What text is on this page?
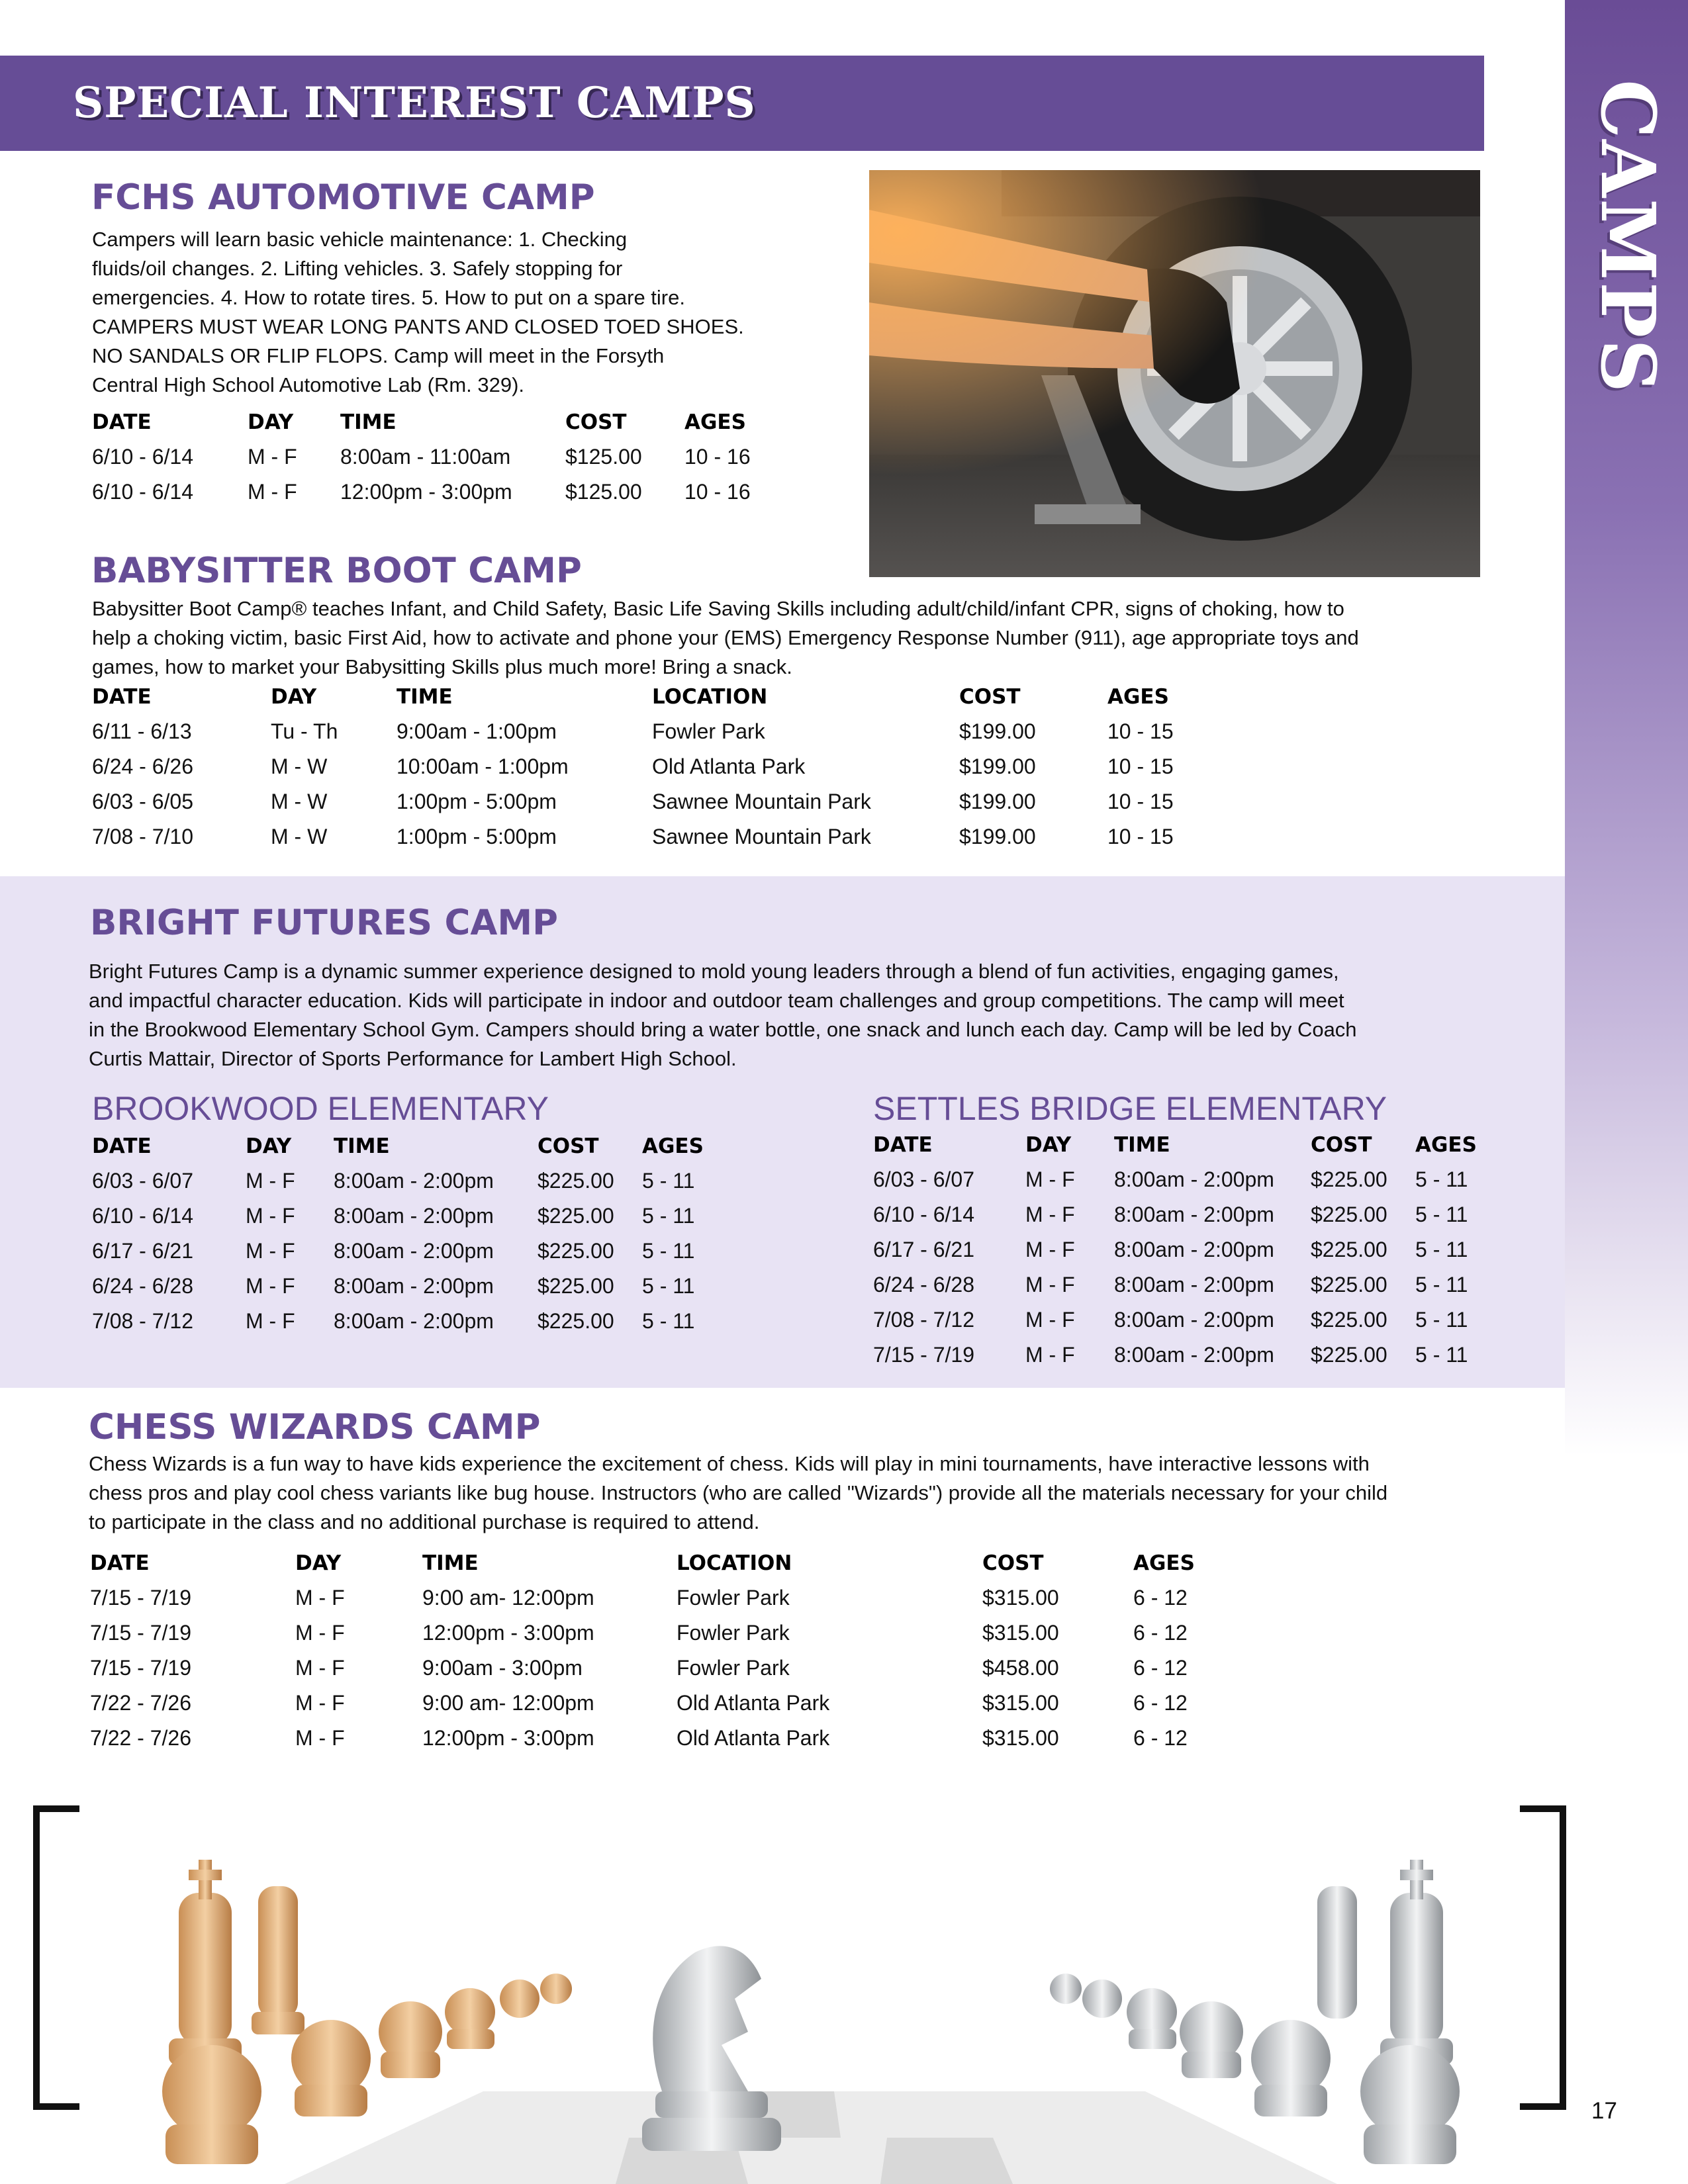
CAMPS
SPECIAL INTEREST CAMPS
FCHS AUTOMOTIVE CAMP
Campers will learn basic vehicle maintenance: 1. Checking
fluids/oil changes. 2. Lifting vehicles. 3. Safely stopping for
emergencies. 4. How to rotate tires. 5. How to put on a spare tire.
CAMPERS MUST WEAR LONG PANTS AND CLOSED TOED SHOES.
NO SANDALS OR FLIP FLOPS. Camp will meet in the Forsyth
Central High School Automotive Lab (Rm. 329).
DATE	DAY	TIME	COST	AGES
6/10 - 6/14	M - F	8:00am - 11:00am	$125.00	10 - 16
6/10 - 6/14	M - F	12:00pm - 3:00pm	$125.00	10 - 16
BABYSITTER BOOT CAMP
Babysitter Boot Camp® teaches Infant, and Child Safety, Basic Life Saving Skills including adult/child/infant CPR, signs of choking, how to
help a choking victim, basic First Aid, how to activate and phone your (EMS) Emergency Response Number (911), age appropriate toys and
games, how to market your Babysitting Skills plus much more! Bring a snack.
DATE	DAY	TIME	LOCATION	COST	AGES
6/11 - 6/13	Tu - Th	9:00am - 1:00pm	Fowler Park	$199.00	10 - 15
6/24 - 6/26	M - W	10:00am - 1:00pm	Old Atlanta Park	$199.00	10 - 15
6/03 - 6/05	M - W	1:00pm - 5:00pm	Sawnee Mountain Park	$199.00	10 - 15
7/08 - 7/10	M - W	1:00pm - 5:00pm	Sawnee Mountain Park	$199.00	10 - 15
BRIGHT FUTURES CAMP
Bright Futures Camp is a dynamic summer experience designed to mold young leaders through a blend of fun activities, engaging games,
and impactful character education. Kids will participate in indoor and outdoor team challenges and group competitions. The camp will meet
in the Brookwood Elementary School Gym. Campers should bring a water bottle, one snack and lunch each day. Camp will be led by Coach
Curtis Mattair, Director of Sports Performance for Lambert High School.
BROOKWOOD ELEMENTARY
DATE	DAY	TIME	COST	AGES
6/03 - 6/07	M - F	8:00am - 2:00pm	$225.00	5 - 11
6/10 - 6/14	M - F	8:00am - 2:00pm	$225.00	5 - 11
6/17 - 6/21	M - F	8:00am - 2:00pm	$225.00	5 - 11
6/24 - 6/28	M - F	8:00am - 2:00pm	$225.00	5 - 11
7/08 - 7/12	M - F	8:00am - 2:00pm	$225.00	5 - 11
SETTLES BRIDGE ELEMENTARY
DATE	DAY	TIME	COST	AGES
6/03 - 6/07	M - F	8:00am - 2:00pm	$225.00	5 - 11
6/10 - 6/14	M - F	8:00am - 2:00pm	$225.00	5 - 11
6/17 - 6/21	M - F	8:00am - 2:00pm	$225.00	5 - 11
6/24 - 6/28	M - F	8:00am - 2:00pm	$225.00	5 - 11
7/08 - 7/12	M - F	8:00am - 2:00pm	$225.00	5 - 11
7/15 - 7/19	M - F	8:00am - 2:00pm	$225.00	5 - 11
CHESS WIZARDS CAMP
Chess Wizards is a fun way to have kids experience the excitement of chess. Kids will play in mini tournaments, have interactive lessons with
chess pros and play cool chess variants like bug house. Instructors (who are called "Wizards") provide all the materials necessary for your child
to participate in the class and no additional purchase is required to attend.
DATE	DAY	TIME	LOCATION	COST	AGES
7/15 - 7/19	M - F	9:00 am- 12:00pm	Fowler Park	$315.00	6 - 12
7/15 - 7/19	M - F	12:00pm - 3:00pm	Fowler Park	$315.00	6 - 12
7/15 - 7/19	M - F	9:00am - 3:00pm	Fowler Park	$458.00	6 - 12
7/22 - 7/26	M - F	9:00 am- 12:00pm	Old Atlanta Park	$315.00	6 - 12
7/22 - 7/26	M - F	12:00pm - 3:00pm	Old Atlanta Park	$315.00	6 - 12
17
